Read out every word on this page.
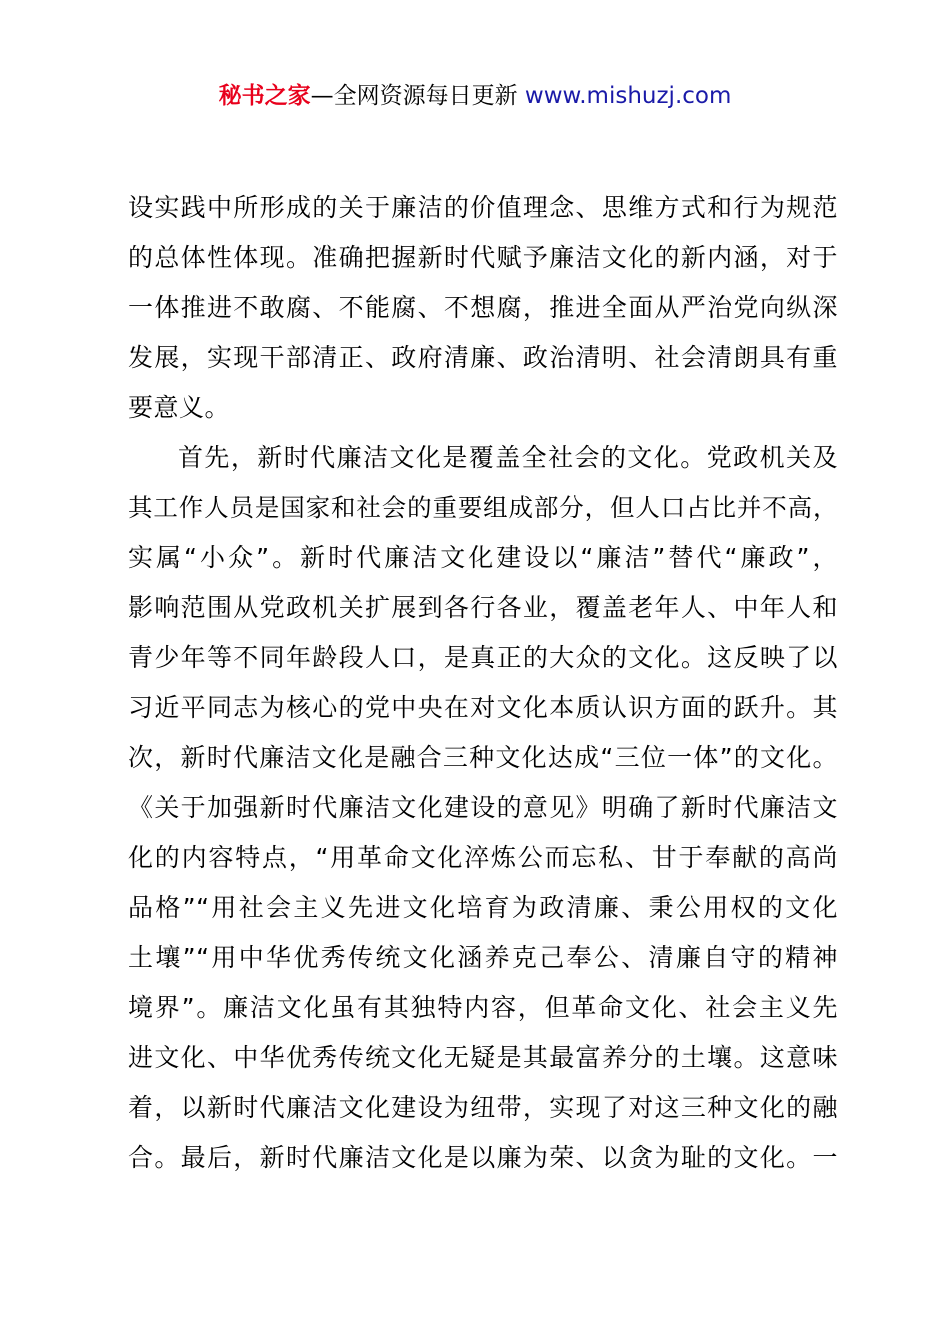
秘书之家—全网资源每日更新 www.mishuzj.com
设实践中所形成的关于廉洁的价值理念、思维方式和行为规范
的总体性体现。准确把握新时代赋予廉洁文化的新内涵，对于
一体推进不敢腐、不能腐、不想腐，推进全面从严治党向纵深
发展，实现干部清正、政府清廉、政治清明、社会清朗具有重
要意义。
首先，新时代廉洁文化是覆盖全社会的文化。党政机关及
其工作人员是国家和社会的重要组成部分，但人口占比并不高，
实属“小众”。新时代廉洁文化建设以“廉洁”替代“廉政”，
影响范围从党政机关扩展到各行各业，覆盖老年人、中年人和
青少年等不同年龄段人口，是真正的大众的文化。这反映了以
习近平同志为核心的党中央在对文化本质认识方面的跃升。其
次，新时代廉洁文化是融合三种文化达成“三位一体”的文化。
《关于加强新时代廉洁文化建设的意见》明确了新时代廉洁文
化的内容特点，“用革命文化淬炼公而忘私、甘于奉献的高尚
品格”“用社会主义先进文化培育为政清廉、秉公用权的文化
土壤”“用中华优秀传统文化涵养克己奉公、清廉自守的精神
境界”。廉洁文化虽有其独特内容，但革命文化、社会主义先
进文化、中华优秀传统文化无疑是其最富养分的土壤。这意味
着，以新时代廉洁文化建设为纽带，实现了对这三种文化的融
合。最后，新时代廉洁文化是以廉为荣、以贪为耻的文化。一
